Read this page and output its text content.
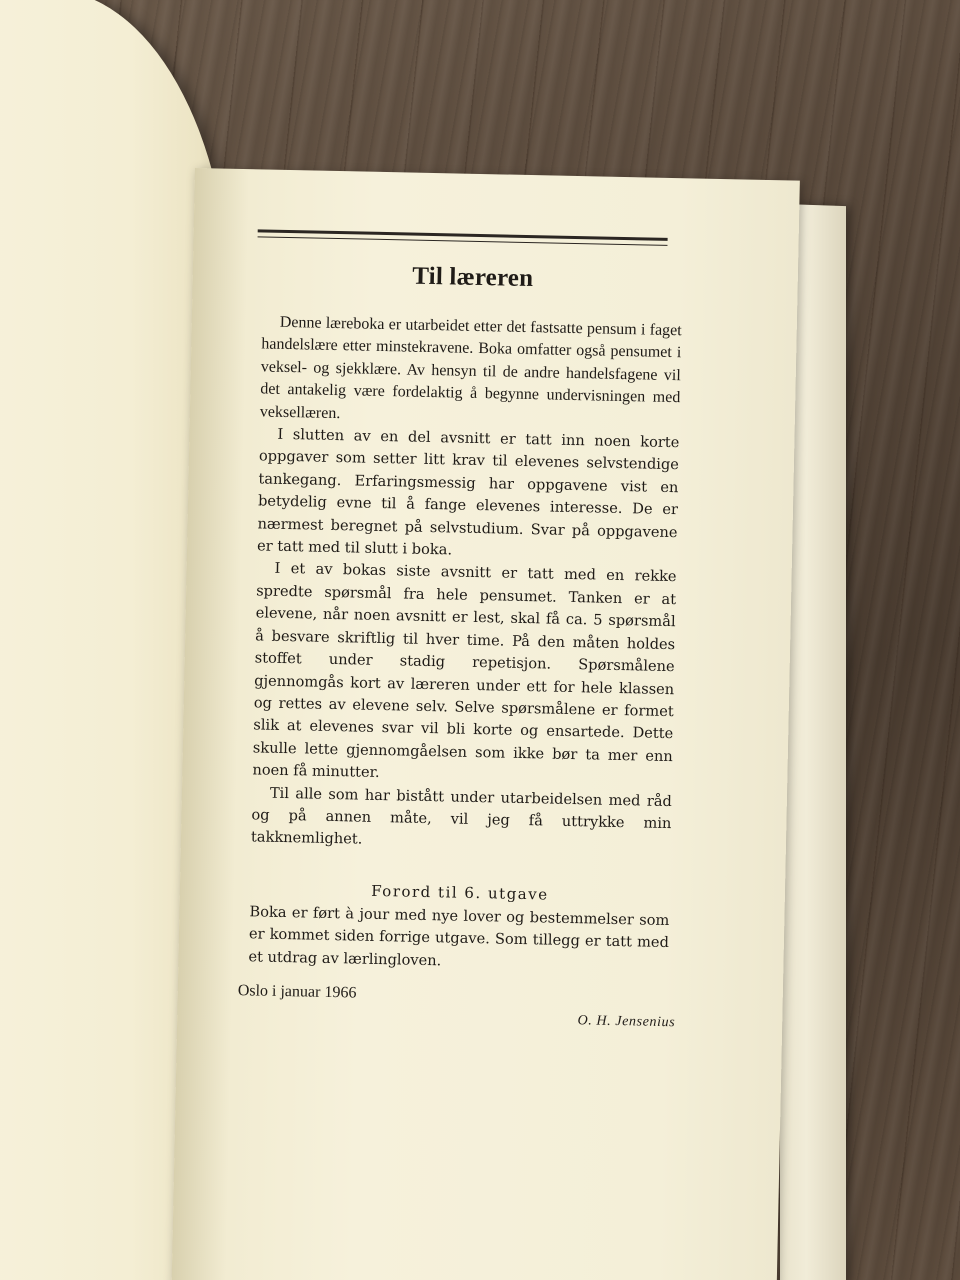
Til læreren

Denne læreboka er utarbeidet etter det fastsatte pensum i faget handelslære etter minstekravene. Boka omfatter også pensumet i veksel- og sjekklære. Av hensyn til de andre handelsfagene vil det antakelig være fordelaktig å begynne undervisningen med veksellæren.

I slutten av en del avsnitt er tatt inn noen korte oppgaver som setter litt krav til elevenes selvstendige tankegang. Erfaringsmessig har oppgavene vist en betydelig evne til å fange elevenes interesse. De er nærmest beregnet på selvstudium. Svar på oppgavene er tatt med til slutt i boka.

I et av bokas siste avsnitt er tatt med en rekke spredte spørsmål fra hele pensumet. Tanken er at elevene, når noen avsnitt er lest, skal få ca. 5 spørsmål å besvare skriftlig til hver time. På den måten holdes stoffet under stadig repetisjon. Spørsmålene gjennomgås kort av læreren under ett for hele klassen og rettes av elevene selv. Selve spørsmålene er formet slik at elevenes svar vil bli korte og ensartede. Dette skulle lette gjennomgåelsen som ikke bør ta mer enn noen få minutter.

Til alle som har bistått under utarbeidelsen med råd og på annen måte, vil jeg få uttrykke min takknemlighet.

Forord til 6. utgave

Boka er ført à jour med nye lover og bestemmelser som er kommet siden forrige utgave. Som tillegg er tatt med et utdrag av lærlingloven.

Oslo i januar 1966
O. H. Jensenius
